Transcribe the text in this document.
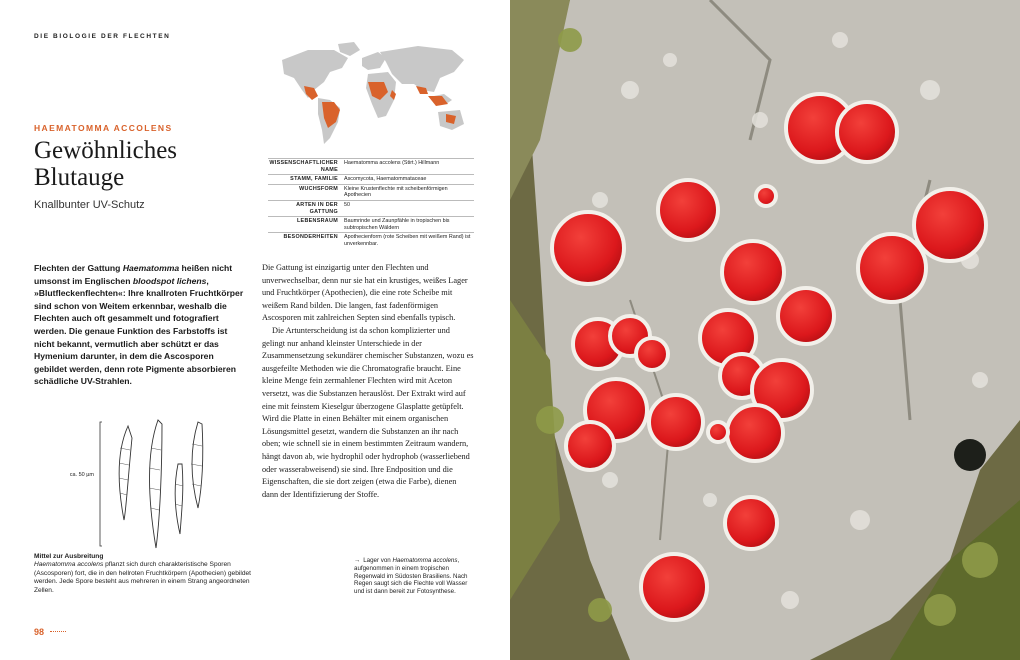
DIE BIOLOGIE DER FLECHTEN
HAEMATOMMA ACCOLENS
Gewöhnliches
Blutauge
Knallbunter UV-Schutz
WISSENSCHAFTLICHER NAME	Haematomma accolens (Stirt.) Hillmann
STAMM, FAMILIE	Ascomycota, Haematommataceae
WUCHSFORM	Kleine Krustenflechte mit scheibenförmigen Apothecien
ARTEN IN DER GATTUNG	50
LEBENSRAUM	Baumrinde und Zaunpfähle in tropischen bis subtropischen Wäldern
BESONDERHEITEN	Apothecienform (rote Scheiben mit weißem Rand) ist unverkennbar.

Flechten der Gattung Haematomma heißen nicht umsonst im Englischen bloodspot lichens, »Blutfleckenflechten«: Ihre knallroten Fruchtkörper sind schon von Weitem erkennbar, weshalb die Flechten auch oft gesammelt und fotografiert werden. Die genaue Funktion des Farbstoffs ist nicht bekannt, vermutlich aber schützt er das Hymenium darunter, in dem die Ascosporen gebildet werden, denn rote Pigmente absorbieren schädliche UV-Strahlen.

Die Gattung ist einzigartig unter den Flechten und unverwechselbar, denn nur sie hat ein krustiges, weißes Lager und Fruchtkörper (Apothecien), die eine rote Scheibe mit weißem Rand bilden. Die langen, fast fadenförmigen Ascosporen mit zahlreichen Septen sind ebenfalls typisch.

Die Artunterscheidung ist da schon komplizierter und gelingt nur anhand kleinster Unterschiede in der Zusammensetzung sekundärer chemischer Substanzen, wozu es ausgefeilte Methoden wie die Chromatografie braucht. Eine kleine Menge fein zermahlener Flechten wird mit Aceton versetzt, was die Substanzen herauslöst. Der Extrakt wird auf eine mit feinstem Kieselgur überzogene Glasplatte getüpfelt. Wird die Platte in einen Behälter mit einem organischen Lösungsmittel gesetzt, wandern die Substanzen an ihr nach oben; wie schnell sie in einem bestimmten Zeitraum wandern, hängt davon ab, wie hydrophil oder hydrophob (wasserliebend oder wasserabweisend) sie sind. Ihre Endposition und die Eigenschaften, die sie dort zeigen (etwa die Farbe), dienen dann der Identifizierung der Stoffe.

ca. 50 µm
Mittel zur Ausbreitung
Haematomma accolens pflanzt sich durch charakteristische Sporen (Ascosporen) fort, die in den hellroten Fruchtkörpern (Apothecien) gebildet werden. Jede Spore besteht aus mehreren in einem Strang angeordneten Zellen.
→ Lager von Haematomma accolens, aufgenommen in einem tropischen Regenwald im Südosten Brasiliens. Nach Regen saugt sich die Flechte voll Wasser und ist dann bereit zur Fotosynthese.
98
